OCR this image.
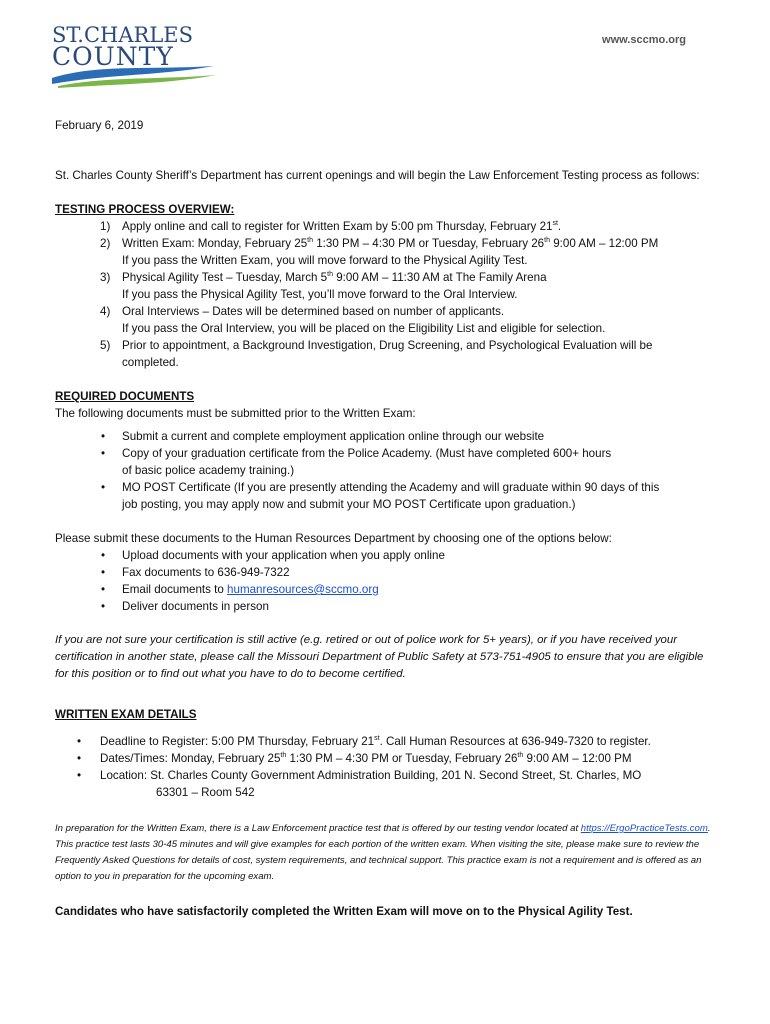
ST.CHARLES
COUNTY
www.sccmo.org

February 6, 2019

St. Charles County Sheriff’s Department has current openings and will begin the Law Enforcement Testing process as follows:

TESTING PROCESS OVERVIEW:

1)	Apply online and call to register for Written Exam by 5:00 pm Thursday, February 21st.
2)	Written Exam: Monday, February 25th 1:30 PM – 4:30 PM or Tuesday, February 26th 9:00 AM – 12:00 PM
If you pass the Written Exam, you will move forward to the Physical Agility Test.
3)	Physical Agility Test – Tuesday, March 5th 9:00 AM – 11:30 AM at The Family Arena
If you pass the Physical Agility Test, you’ll move forward to the Oral Interview.
4)	Oral Interviews – Dates will be determined based on number of applicants.
If you pass the Oral Interview, you will be placed on the Eligibility List and eligible for selection.
5)	Prior to appointment, a Background Investigation, Drug Screening, and Psychological Evaluation will be
completed.

REQUIRED DOCUMENTS

The following documents must be submitted prior to the Written Exam:

•	Submit a current and complete employment application online through our website
•	Copy of your graduation certificate from the Police Academy. (Must have completed 600+ hours
of basic police academy training.)
•	MO POST Certificate (If you are presently attending the Academy and will graduate within 90 days of this
job posting, you may apply now and submit your MO POST Certificate upon graduation.)

Please submit these documents to the Human Resources Department by choosing one of the options below:

•	Upload documents with your application when you apply online
•	Fax documents to 636-949-7322
•	Email documents to humanresources@sccmo.org
•	Deliver documents in person

If you are not sure your certification is still active (e.g. retired or out of police work for 5+ years), or if you have received your certification in another state, please call the Missouri Department of Public Safety at 573-751-4905 to ensure that you are eligible for this position or to find out what you have to do to become certified.

WRITTEN EXAM DETAILS

•	Deadline to Register: 5:00 PM Thursday, February 21st. Call Human Resources at 636-949-7320 to register.
•	Dates/Times: Monday, February 25th 1:30 PM – 4:30 PM or Tuesday, February 26th 9:00 AM – 12:00 PM
•	Location: St. Charles County Government Administration Building, 201 N. Second Street, St. Charles, MO
63301 – Room 542

In preparation for the Written Exam, there is a Law Enforcement practice test that is offered by our testing vendor located at https://ErgoPracticeTests.com. This practice test lasts 30-45 minutes and will give examples for each portion of the written exam. When visiting the site, please make sure to review the Frequently Asked Questions for details of cost, system requirements, and technical support. This practice exam is not a requirement and is offered as an option to you in preparation for the upcoming exam.

Candidates who have satisfactorily completed the Written Exam will move on to the Physical Agility Test.
